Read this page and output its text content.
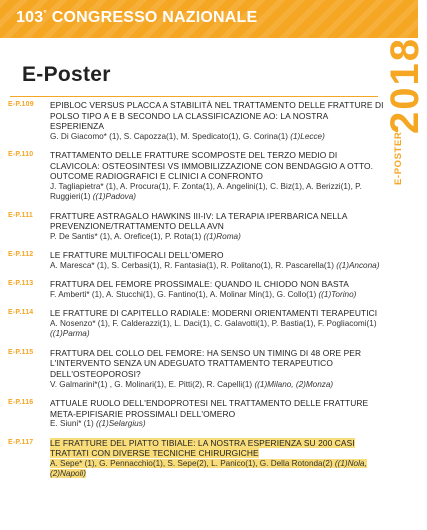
103° CONGRESSO NAZIONALE
2018
E-POSTER
E-Poster
E-P.109 EPIBLOC VERSUS PLACCA A STABILITÀ NEL TRATTAMENTO DELLE FRATTURE DI POLSO TIPO A E B SECONDO LA CLASSIFICAZIONE AO: LA NOSTRA ESPERIENZA
G. Di Giacomo* (1), S. Capozza(1), M. Spedicato(1), G. Corina(1) (1)Lecce)
E-P.110 TRATTAMENTO DELLE FRATTURE SCOMPOSTE DEL TERZO MEDIO DI CLAVICOLA: OSTEOSINTESI VS IMMOBILIZZAZIONE CON BENDAGGIO A OTTO. OUTCOME RADIOGRAFICI E CLINICI A CONFRONTO
J. Tagliapietra* (1), A. Procura(1), F. Zonta(1), A. Angelini(1), C. Biz(1), A. Berizzi(1), P. Ruggieri(1) ((1)Padova)
E-P.111 FRATTURE ASTRAGALO HAWKINS III-IV: LA TERAPIA IPERBARICA NELLA PREVENZIONE/TRATTAMENTO DELLA AVN
P. De Santis* (1), A. Orefice(1), P. Rota(1) ((1)Roma)
E-P.112 LE FRATTURE MULTIFOCALI DELL'OMERO
A. Maresca* (1), S. Cerbasi(1), R. Fantasia(1), R. Politano(1), R. Pascarella(1) ((1)Ancona)
E-P.113 FRATTURA DEL FEMORE PROSSIMALE: QUANDO IL CHIODO NON BASTA
F. Amberti* (1), A. Stucchi(1), G. Fantino(1), A. Molinar Min(1), G. Collo(1) ((1)Torino)
E-P.114 LE FRATTURE DI CAPITELLO RADIALE: MODERNI ORIENTAMENTI TERAPEUTICI
A. Nosenzo* (1), F. Calderazzi(1), L. Daci(1), C. Galavotti(1), P. Bastia(1), F. Pogliacomi(1) ((1)Parma)
E-P.115 FRATTURA DEL COLLO DEL FEMORE: HA SENSO UN TIMING DI 48 ORE PER L'INTERVENTO SENZA UN ADEGUATO TRATTAMENTO TERAPEUTICO DELL'OSTEOPOROSI?
V. Galmarini*(1) , G. Molinari(1), E. Pitti(2), R. Capelli(1) ((1)Milano, (2)Monza)
E-P.116 ATTUALE RUOLO DELL'ENDOPROTESI NEL TRATTAMENTO DELLE FRATTURE META-EPIFISARIE PROSSIMALI DELL'OMERO
E. Siuni* (1) ((1)Selargius)
E-P.117 LE FRATTURE DEL PIATTO TIBIALE: LA NOSTRA ESPERIENZA SU 200 CASI TRATTATI CON DIVERSE TECNICHE CHIRURGICHE
A. Sepe* (1), G. Pennacchio(1), S. Sepe(2), L. Panico(1), G. Della Rotonda(2) ((1)Nola, (2)Napoli)
